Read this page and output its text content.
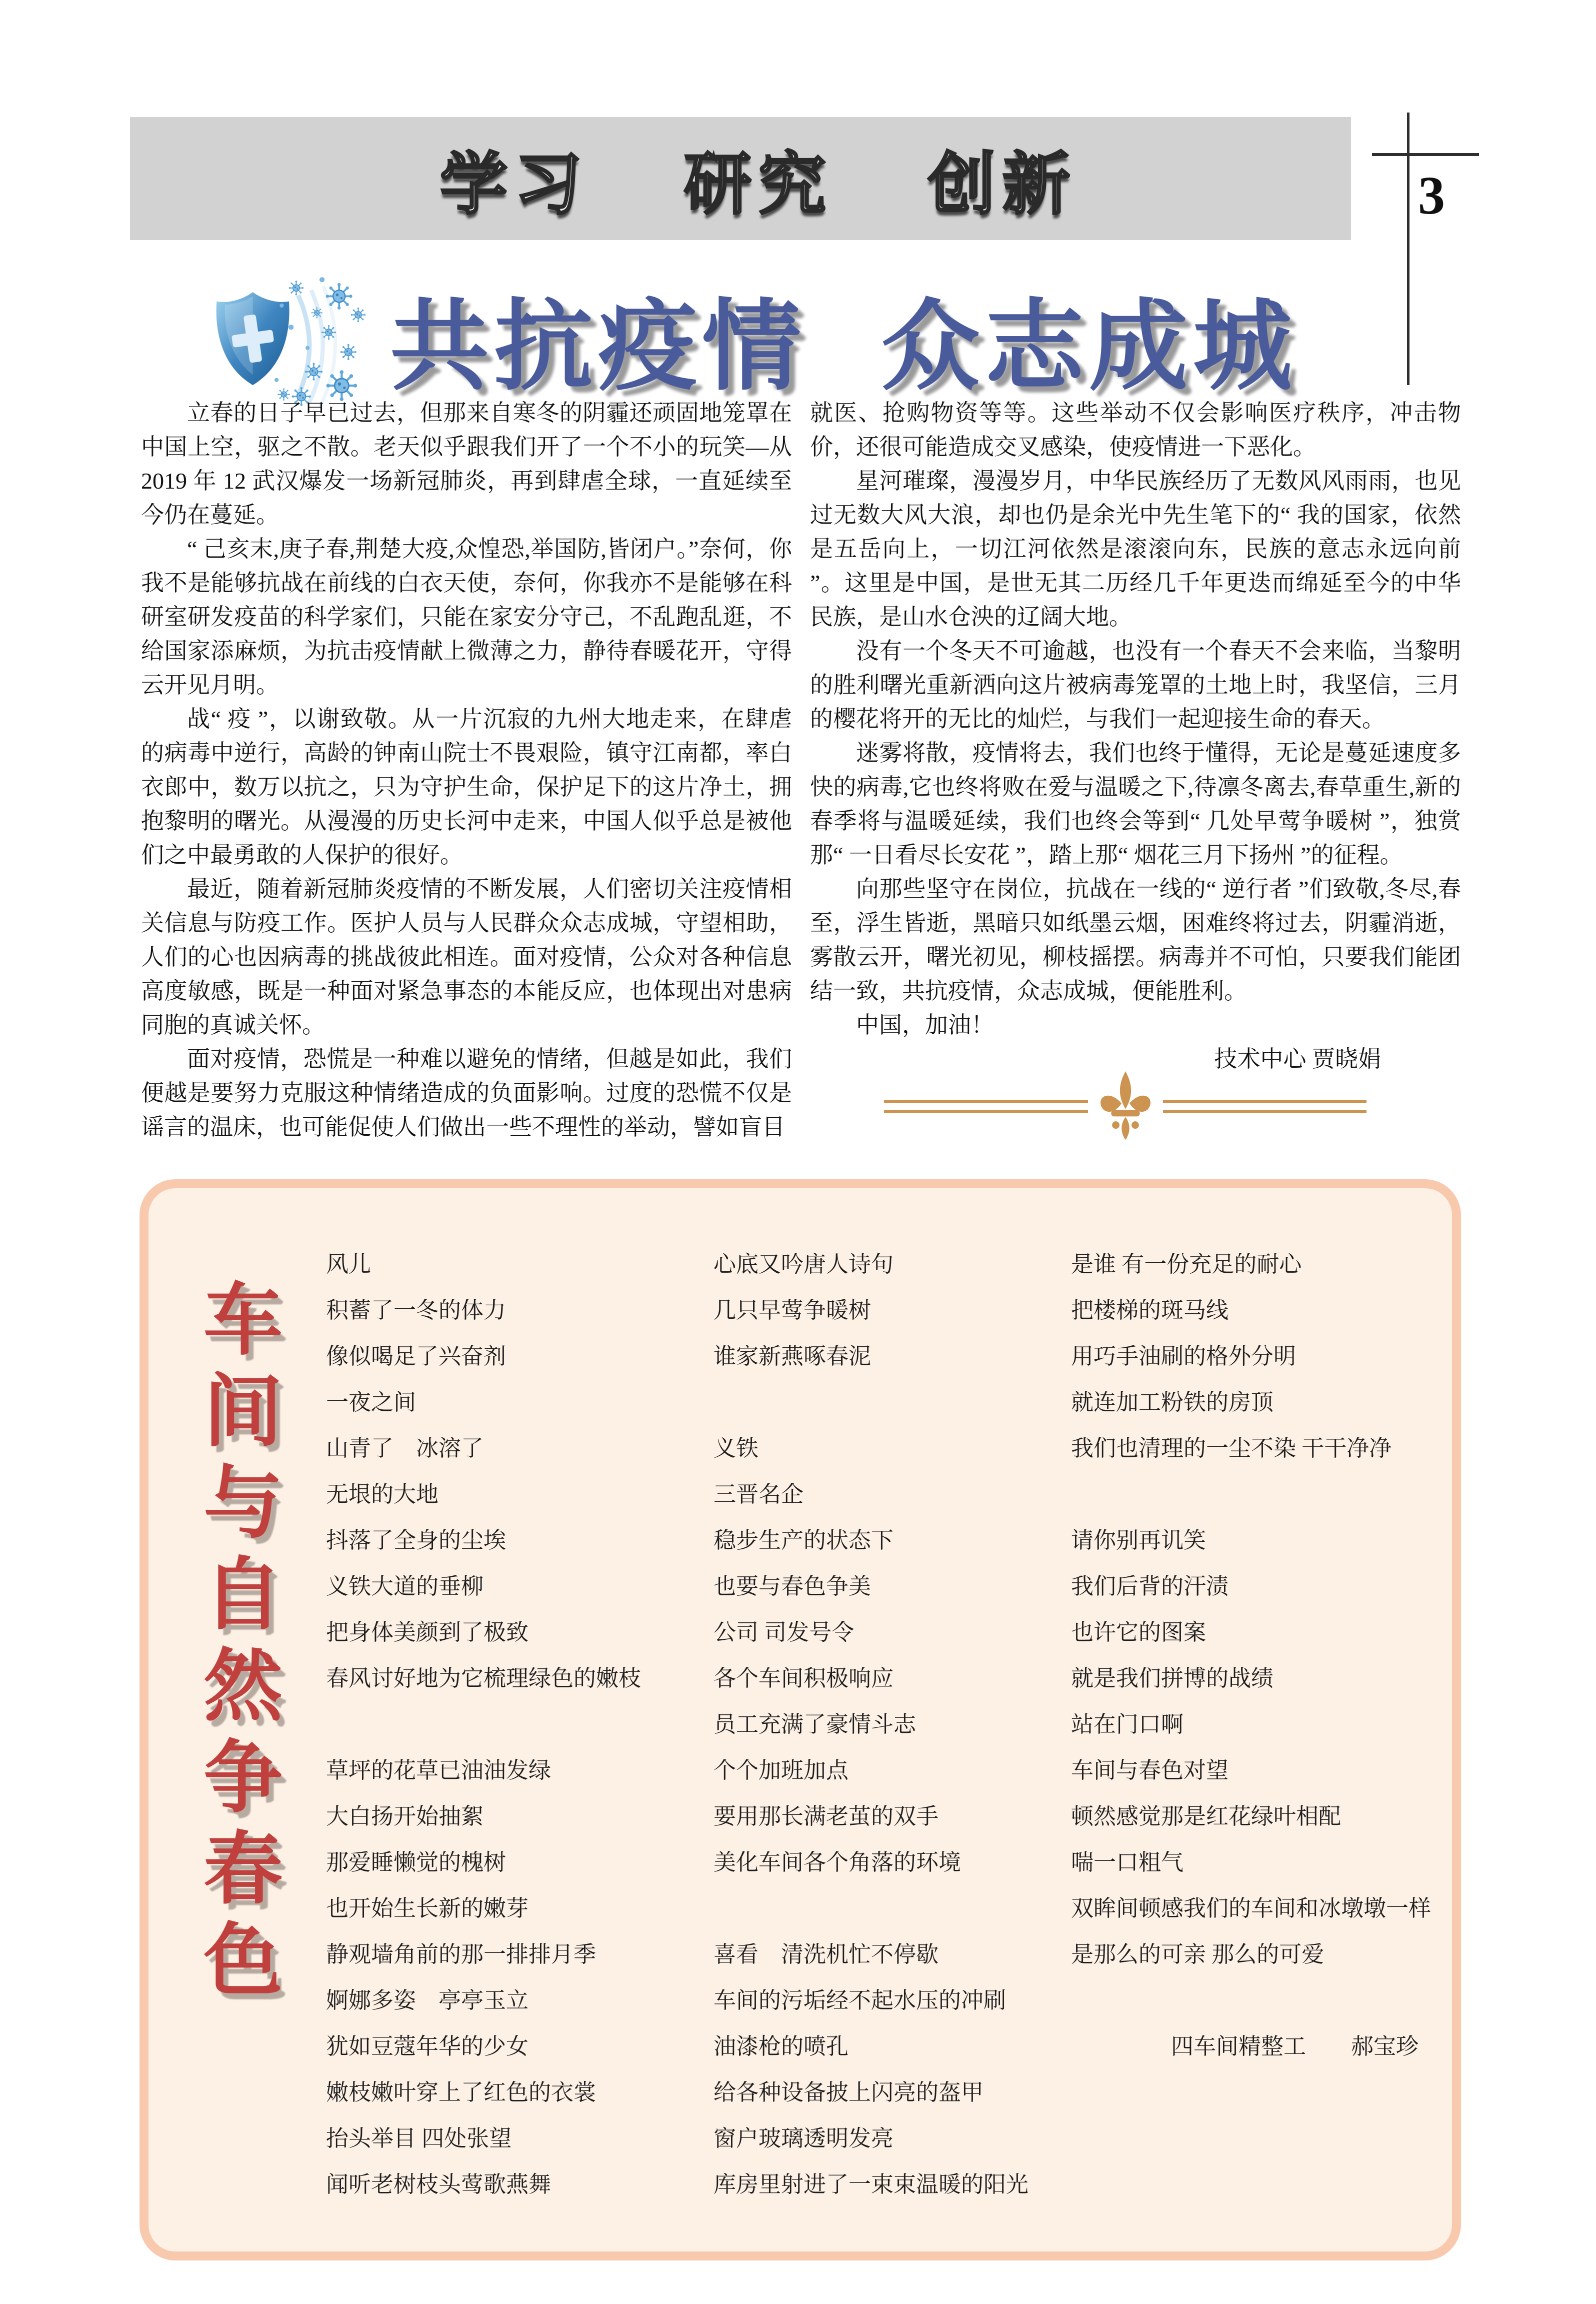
学习 研究 创新	3
共抗疫情 众志成城

立春的日子早已过去，但那来自寒冬的阴霾还顽固地笼罩在中国上空，驱之不散。老天似乎跟我们开了一个不小的玩笑—从2019 年 12 武汉爆发一场新冠肺炎，再到肆虐全球，一直延续至今仍在蔓延。

“ 己亥末,庚子春,荆楚大疫,众惶恐,举国防,皆闭户。”奈何，你我不是能够抗战在前线的白衣天使，奈何，你我亦不是能够在科研室研发疫苗的科学家们，只能在家安分守己，不乱跑乱逛，不给国家添麻烦，为抗击疫情献上微薄之力，静待春暖花开，守得云开见月明。

战“ 疫 ”，以谢致敬。从一片沉寂的九州大地走来，在肆虐的病毒中逆行，高龄的钟南山院士不畏艰险，镇守江南都，率白衣郎中，数万以抗之，只为守护生命，保护足下的这片净土，拥抱黎明的曙光。从漫漫的历史长河中走来，中国人似乎总是被他们之中最勇敢的人保护的很好。

最近，随着新冠肺炎疫情的不断发展，人们密切关注疫情相关信息与防疫工作。医护人员与人民群众众志成城，守望相助，人们的心也因病毒的挑战彼此相连。面对疫情，公众对各种信息高度敏感，既是一种面对紧急事态的本能反应，也体现出对患病同胞的真诚关怀。

面对疫情，恐慌是一种难以避免的情绪，但越是如此，我们便越是要努力克服这种情绪造成的负面影响。过度的恐慌不仅是谣言的温床，也可能促使人们做出一些不理性的举动，譬如盲目

就医、抢购物资等等。这些举动不仅会影响医疗秩序，冲击物价，还很可能造成交叉感染，使疫情进一下恶化。

星河璀璨，漫漫岁月，中华民族经历了无数风风雨雨，也见过无数大风大浪，却也仍是余光中先生笔下的“ 我的国家，依然是五岳向上，一切江河依然是滚滚向东，民族的意志永远向前 ”。这里是中国，是世无其二历经几千年更迭而绵延至今的中华民族，是山水仓泱的辽阔大地。

没有一个冬天不可逾越，也没有一个春天不会来临，当黎明的胜利曙光重新洒向这片被病毒笼罩的土地上时，我坚信，三月的樱花将开的无比的灿烂，与我们一起迎接生命的春天。

迷雾将散，疫情将去，我们也终于懂得，无论是蔓延速度多快的病毒,它也终将败在爱与温暖之下,待凛冬离去,春草重生,新的春季将与温暖延续，我们也终会等到“ 几处早莺争暖树 ”，独赏那“ 一日看尽长安花 ”，踏上那“ 烟花三月下扬州 ”的征程。

向那些坚守在岗位，抗战在一线的“ 逆行者 ”们致敬,冬尽,春至，浮生皆逝，黑暗只如纸墨云烟，困难终将过去，阴霾消逝，雾散云开，曙光初见，柳枝摇摆。病毒并不可怕，只要我们能团结一致，共抗疫情，众志成城，便能胜利。

中国，加油！

技术中心 贾晓娟

车
间
与
自
然
争
春
色
风儿
积蓄了一冬的体力
像似喝足了兴奋剂
一夜之间
山青了　冰溶了
无垠的大地
抖落了全身的尘埃
义铁大道的垂柳
把身体美颜到了极致
春风讨好地为它梳理绿色的嫩枝
草坪的花草已油油发绿
大白扬开始抽絮
那爱睡懒觉的槐树
也开始生长新的嫩芽
静观墙角前的那一排排月季
婀娜多姿　亭亭玉立
犹如豆蔻年华的少女
嫩枝嫩叶穿上了红色的衣裳
抬头举目 四处张望
闻听老树枝头莺歌燕舞
心底又吟唐人诗句
几只早莺争暖树
谁家新燕啄春泥
义铁
三晋名企
稳步生产的状态下
也要与春色争美
公司 司发号令
各个车间积极响应
员工充满了豪情斗志
个个加班加点
要用那长满老茧的双手
美化车间各个角落的环境
喜看　清洗机忙不停歇
车间的污垢经不起水压的冲刷
油漆枪的喷孔
给各种设备披上闪亮的盔甲
窗户玻璃透明发亮
库房里射进了一束束温暖的阳光
是谁 有一份充足的耐心
把楼梯的斑马线
用巧手油刷的格外分明
就连加工粉铁的房顶
我们也清理的一尘不染 干干净净
请你别再讥笑
我们后背的汗渍
也许它的图案
就是我们拼博的战绩
站在门口啊
车间与春色对望
顿然感觉那是红花绿叶相配
喘一口粗气
双眸间顿感我们的车间和冰墩墩一样
是那么的可亲 那么的可爱
四车间精整工　　郝宝珍
